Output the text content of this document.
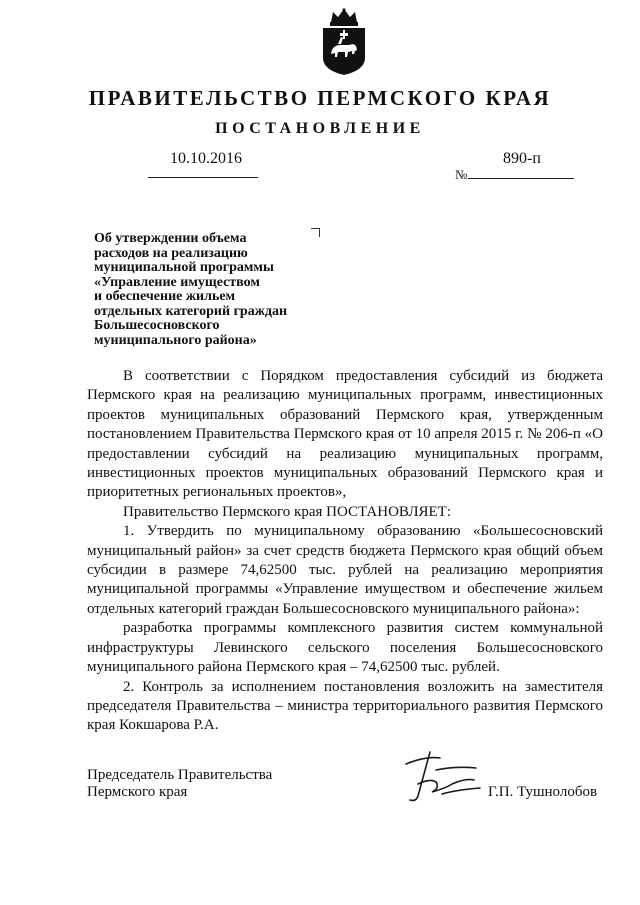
ПРАВИТЕЛЬСТВО ПЕРМСКОГО КРАЯ
ПОСТАНОВЛЕНИЕ
10.10.2016	890-п
№
Об утверждении объема
расходов на реализацию
муниципальной программы
«Управление имуществом
и обеспечение жильем
отдельных категорий граждан
Большесосновского
муниципального района»

В соответствии с Порядком предоставления субсидий из бюджета Пермского края на реализацию муниципальных программ, инвестиционных проектов муниципальных образований Пермского края, утвержденным постановлением Правительства Пермского края от 10 апреля 2015 г. № 206-п «О предоставлении субсидий на реализацию муниципальных программ, инвестиционных проектов муниципальных образований Пермского края и приоритетных региональных проектов»,

Правительство Пермского края ПОСТАНОВЛЯЕТ:

1. Утвердить по муниципальному образованию «Большесосновский муниципальный район» за счет средств бюджета Пермского края общий объем субсидии в размере 74,62500 тыс. рублей на реализацию мероприятия муниципальной программы «Управление имуществом и обеспечение жильем отдельных категорий граждан Большесосновского муниципального района»:

разработка программы комплексного развития систем коммунальной инфраструктуры Левинского сельского поселения Большесосновского муниципального района Пермского края – 74,62500 тыс. рублей.

2. Контроль за исполнением постановления возложить на заместителя председателя Правительства – министра территориального развития Пермского края Кокшарова Р.А.

Председатель Правительства
Пермского края	Г.П. Тушнолобов
